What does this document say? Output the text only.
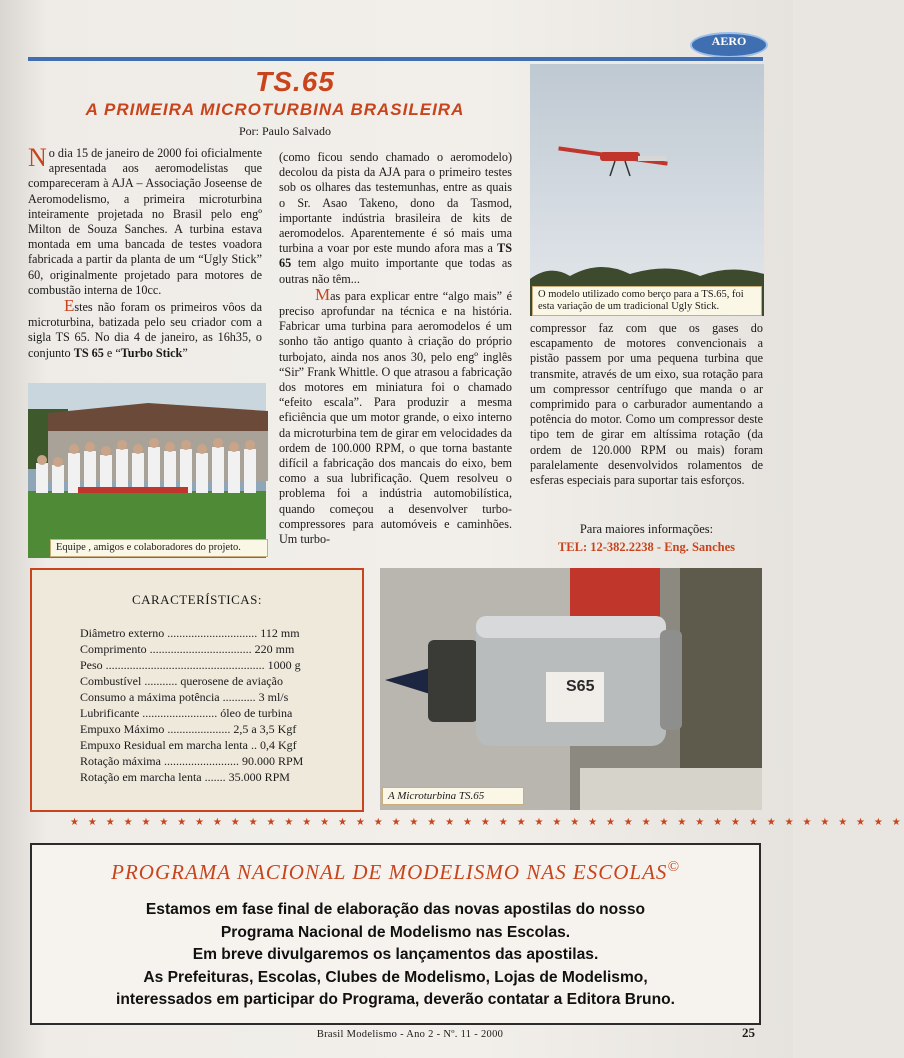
AERO
TS.65
A PRIMEIRA MICROTURBINA BRASILEIRA
Por: Paulo Salvado

No dia 15 de janeiro de 2000 foi oficialmente apresentada aos aeromodelistas que compareceram à AJA – Associação Joseense de Aeromodelismo, a primeira microturbina inteiramente projetada no Brasil pelo engº Milton de Souza Sanches. A turbina estava montada em uma bancada de testes voadora fabricada a partir da planta de um “Ugly Stick” 60, originalmente projetado para motores de combustão interna de 10cc.

Estes não foram os primeiros vôos da microturbina, batizada pelo seu criador com a sigla TS 65. No dia 4 de janeiro, as 16h35, o conjunto TS 65 e “Turbo Stick”

Equipe , amigos e colaboradores do projeto.

(como ficou sendo chamado o aeromodelo) decolou da pista da AJA para o primeiro testes sob os olhares das testemunhas, entre as quais o Sr. Asao Takeno, dono da Tasmod, importante indústria brasileira de kits de aeromodelos. Aparentemente é só mais uma turbina a voar por este mundo afora mas a TS 65 tem algo muito importante que todas as outras não têm...

Mas para explicar entre “algo mais” é preciso aprofundar na técnica e na história. Fabricar uma turbina para aeromodelos é um sonho tão antigo quanto à criação do próprio turbojato, ainda nos anos 30, pelo engº inglês “Sir” Frank Whittle. O que atrasou a fabricação dos motores em miniatura foi o chamado “efeito escala”. Para produzir a mesma eficiência que um motor grande, o eixo interno da microturbina tem de girar em velocidades da ordem de 100.000 RPM, o que torna bastante difícil a fabricação dos mancais do eixo, bem como a sua lubrificação. Quem resolveu o problema foi a indústria automobilística, quando começou a desenvolver turbo-compressores para automóveis e caminhões. Um turbo-

O modelo utilizado como berço para a TS.65, foi esta variação de um tradicional Ugly Stick.

compressor faz com que os gases do escapamento de motores convencionais a pistão passem por uma pequena turbina que transmite, através de um eixo, sua rotação para um compressor centrífugo que manda o ar comprimido para o carburador aumentando a potência do motor. Como um compressor deste tipo tem de girar em altíssima rotação (da ordem de 120.000 RPM ou mais) foram paralelamente desenvolvidos rolamentos de esferas especiais para suportar tais esforços.

Para maiores informações:
TEL: 12-382.2238 - Eng. Sanches
CARACTERÍSTICAS:
Diâmetro externo .............................. 112 mm
Comprimento .................................. 220 mm
Peso ..................................................... 1000 g
Combustível ........... querosene de aviação
Consumo a máxima potência ........... 3 ml/s
Lubrificante ......................... óleo de turbina
Empuxo Máximo ..................... 2,5 a 3,5 Kgf
Empuxo Residual em marcha lenta .. 0,4 Kgf
Rotação máxima ......................... 90.000 RPM
Rotação em marcha lenta ....... 35.000 RPM
S65
A Microturbina TS.65
★ ★ ★ ★ ★ ★ ★ ★ ★ ★ ★ ★ ★ ★ ★ ★ ★ ★ ★ ★ ★ ★ ★ ★ ★ ★ ★ ★ ★ ★ ★ ★ ★ ★ ★ ★ ★ ★ ★ ★ ★ ★ ★ ★ ★ ★ ★
PROGRAMA NACIONAL DE MODELISMO NAS ESCOLAS©
Estamos em fase final de elaboração das novas apostilas do nosso
Programa Nacional de Modelismo nas Escolas.
Em breve divulgaremos os lançamentos das apostilas.
As Prefeituras, Escolas, Clubes de Modelismo, Lojas de Modelismo,
interessados em participar do Programa, deverão contatar a Editora Bruno.
Brasil Modelismo - Ano 2 - Nº. 11 - 2000	25
